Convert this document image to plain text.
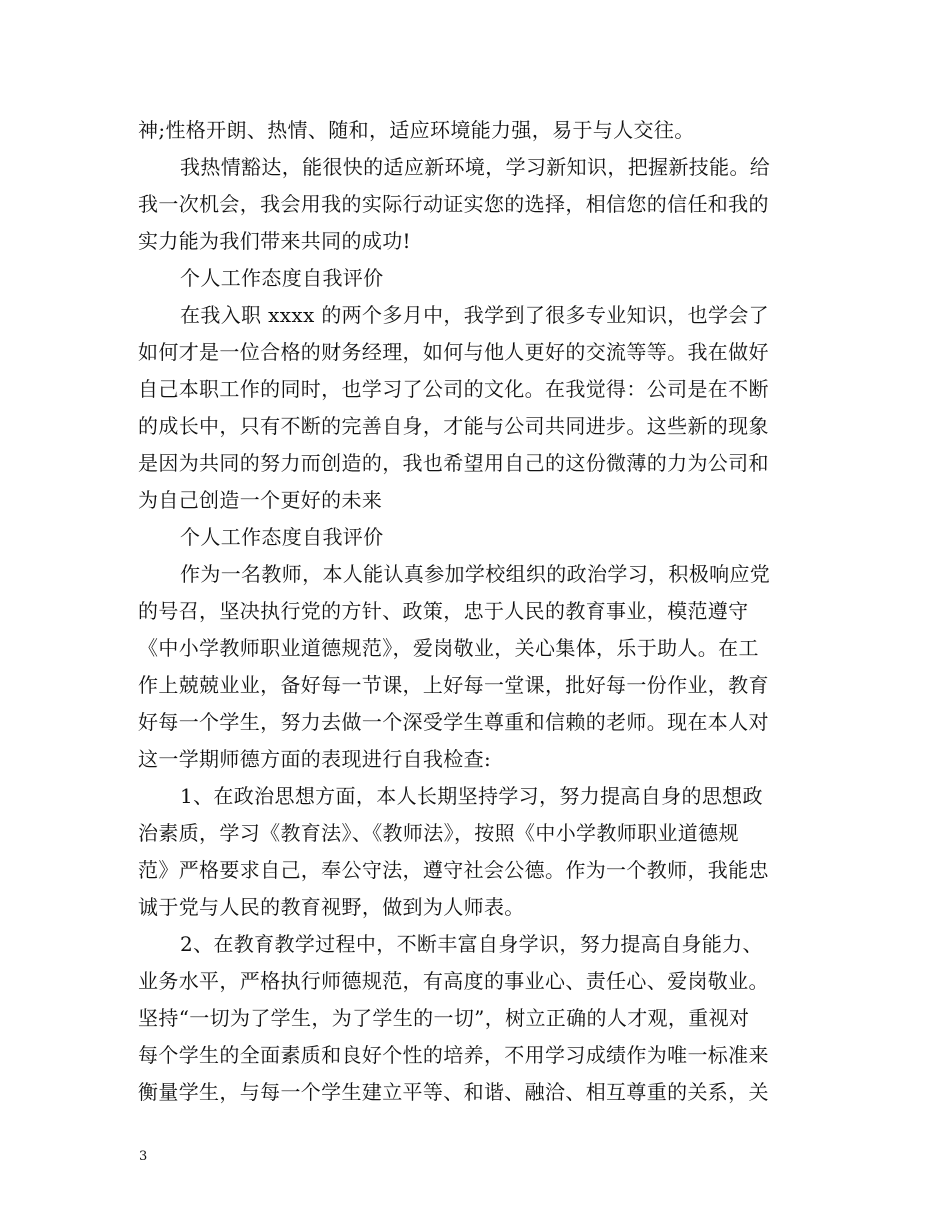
神;性格开朗、热情、随和，适应环境能力强，易于与人交往。
我热情豁达，能很快的适应新环境，学习新知识，把握新技能。给
我一次机会，我会用我的实际行动证实您的选择，相信您的信任和我的
实力能为我们带来共同的成功!
个人工作态度自我评价
在我入职 xxxx 的两个多月中，我学到了很多专业知识，也学会了
如何才是一位合格的财务经理，如何与他人更好的交流等等。我在做好
自己本职工作的同时，也学习了公司的文化。在我觉得：公司是在不断
的成长中，只有不断的完善自身，才能与公司共同进步。这些新的现象
是因为共同的努力而创造的，我也希望用自己的这份微薄的力为公司和
为自己创造一个更好的未来
个人工作态度自我评价
作为一名教师，本人能认真参加学校组织的政治学习，积极响应党
的号召，坚决执行党的方针、政策，忠于人民的教育事业，模范遵守
《中小学教师职业道德规范》，爱岗敬业，关心集体，乐于助人。在工
作上兢兢业业，备好每一节课，上好每一堂课，批好每一份作业，教育
好每一个学生，努力去做一个深受学生尊重和信赖的老师。现在本人对
这一学期师德方面的表现进行自我检查:
1、在政治思想方面，本人长期坚持学习，努力提高自身的思想政
治素质，学习《教育法》、《教师法》，按照《中小学教师职业道德规
范》严格要求自己，奉公守法，遵守社会公德。作为一个教师，我能忠
诚于党与人民的教育视野，做到为人师表。
2、在教育教学过程中，不断丰富自身学识，努力提高自身能力、
业务水平，严格执行师德规范，有高度的事业心、责任心、爱岗敬业。
坚持“一切为了学生，为了学生的一切”，树立正确的人才观，重视对
每个学生的全面素质和良好个性的培养，不用学习成绩作为唯一标准来
衡量学生，与每一个学生建立平等、和谐、融洽、相互尊重的关系，关
3
